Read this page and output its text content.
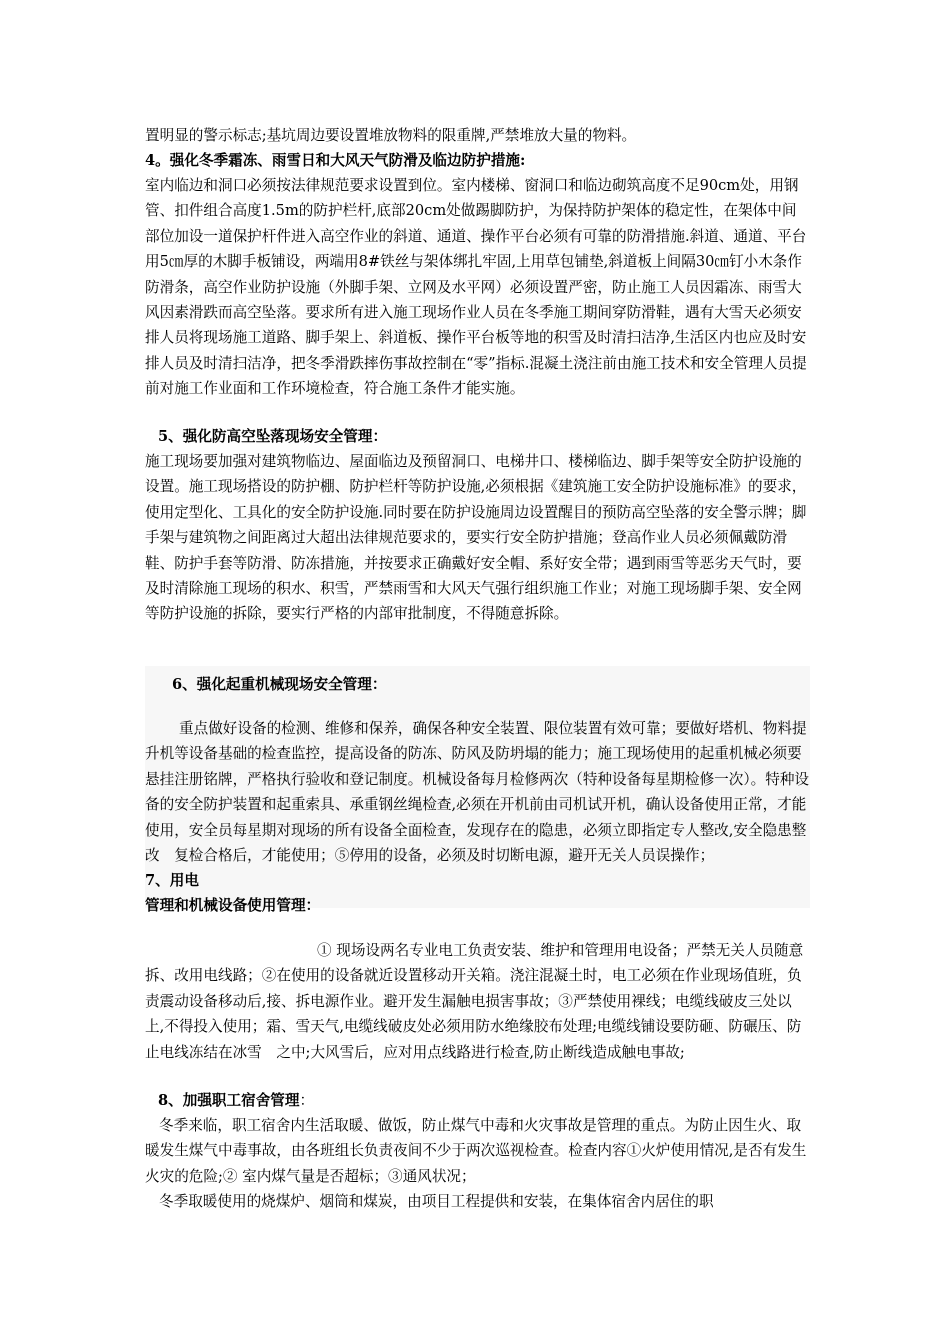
置明显的警示标志;基坑周边要设置堆放物料的限重牌,严禁堆放大量的物料。

4。强化冬季霜冻、雨雪日和大风天气防滑及临边防护措施:

室内临边和洞口必须按法律规范要求设置到位。室内楼梯、窗洞口和临边砌筑高度不足90cm处，用钢管、扣件组合高度1.5m的防护栏杆,底部20cm处做踢脚防护，为保持防护架体的稳定性，在架体中间部位加设一道保护杆件进入高空作业的斜道、通道、操作平台必须有可靠的防滑措施.斜道、通道、平台用5㎝厚的木脚手板铺设，两端用8#铁丝与架体绑扎牢固,上用草包铺垫,斜道板上间隔30㎝钉小木条作防滑条，高空作业防护设施（外脚手架、立网及水平网）必须设置严密，防止施工人员因霜冻、雨雪大风因素滑跌而高空坠落。要求所有进入施工现场作业人员在冬季施工期间穿防滑鞋，遇有大雪天必须安排人员将现场施工道路、脚手架上、斜道板、操作平台板等地的积雪及时清扫洁净,生活区内也应及时安排人员及时清扫洁净，把冬季滑跌摔伤事故控制在“零”指标.混凝土浇注前由施工技术和安全管理人员提前对施工作业面和工作环境检查，符合施工条件才能实施。

5、强化防高空坠落现场安全管理：

施工现场要加强对建筑物临边、屋面临边及预留洞口、电梯井口、楼梯临边、脚手架等安全防护设施的设置。施工现场搭设的防护棚、防护栏杆等防护设施,必须根据《建筑施工安全防护设施标准》的要求，使用定型化、工具化的安全防护设施.同时要在防护设施周边设置醒目的预防高空坠落的安全警示牌；脚手架与建筑物之间距离过大超出法律规范要求的，要实行安全防护措施；登高作业人员必须佩戴防滑鞋、防护手套等防滑、防冻措施，并按要求正确戴好安全帽、系好安全带；遇到雨雪等恶劣天气时，要及时清除施工现场的积水、积雪，严禁雨雪和大风天气强行组织施工作业；对施工现场脚手架、安全网等防护设施的拆除，要实行严格的内部审批制度，不得随意拆除。

6、强化起重机械现场安全管理：

重点做好设备的检测、维修和保养，确保各种安全装置、限位装置有效可靠；要做好塔机、物料提升机等设备基础的检查监控，提高设备的防冻、防风及防坍塌的能力；施工现场使用的起重机械必须要悬挂注册铭牌，严格执行验收和登记制度。机械设备每月检修两次（特种设备每星期检修一次）。特种设备的安全防护装置和起重索具、承重钢丝绳检查,必须在开机前由司机试开机，确认设备使用正常，才能使用，安全员每星期对现场的所有设备全面检查，发现存在的隐患，必须立即指定专人整改,安全隐患整改　复检合格后，才能使用；⑤停用的设备，必须及时切断电源，避开无关人员误操作；7、用电

管理和机械设备使用管理：

① 现场设两名专业电工负责安装、维护和管理用电设备；严禁无关人员随意拆、改用电线路；②在使用的设备就近设置移动开关箱。浇注混凝土时，电工必须在作业现场值班，负责震动设备移动后,接、拆电源作业。避开发生漏触电损害事故；③严禁使用裸线；电缆线破皮三处以上,不得投入使用；霜、雪天气,电缆线破皮处必须用防水绝缘胶布处理;电缆线铺设要防砸、防碾压、防止电线冻结在冰雪　之中;大风雪后，应对用点线路进行检查,防止断线造成触电事故;

8、加强职工宿舍管理：

冬季来临，职工宿舍内生活取暖、做饭，防止煤气中毒和火灾事故是管理的重点。为防止因生火、取暖发生煤气中毒事故，由各班组长负责夜间不少于两次巡视检查。检查内容①火炉使用情况,是否有发生火灾的危险;② 室内煤气量是否超标；③通风状况；

冬季取暖使用的烧煤炉、烟筒和煤炭，由项目工程提供和安装，在集体宿舍内居住的职
